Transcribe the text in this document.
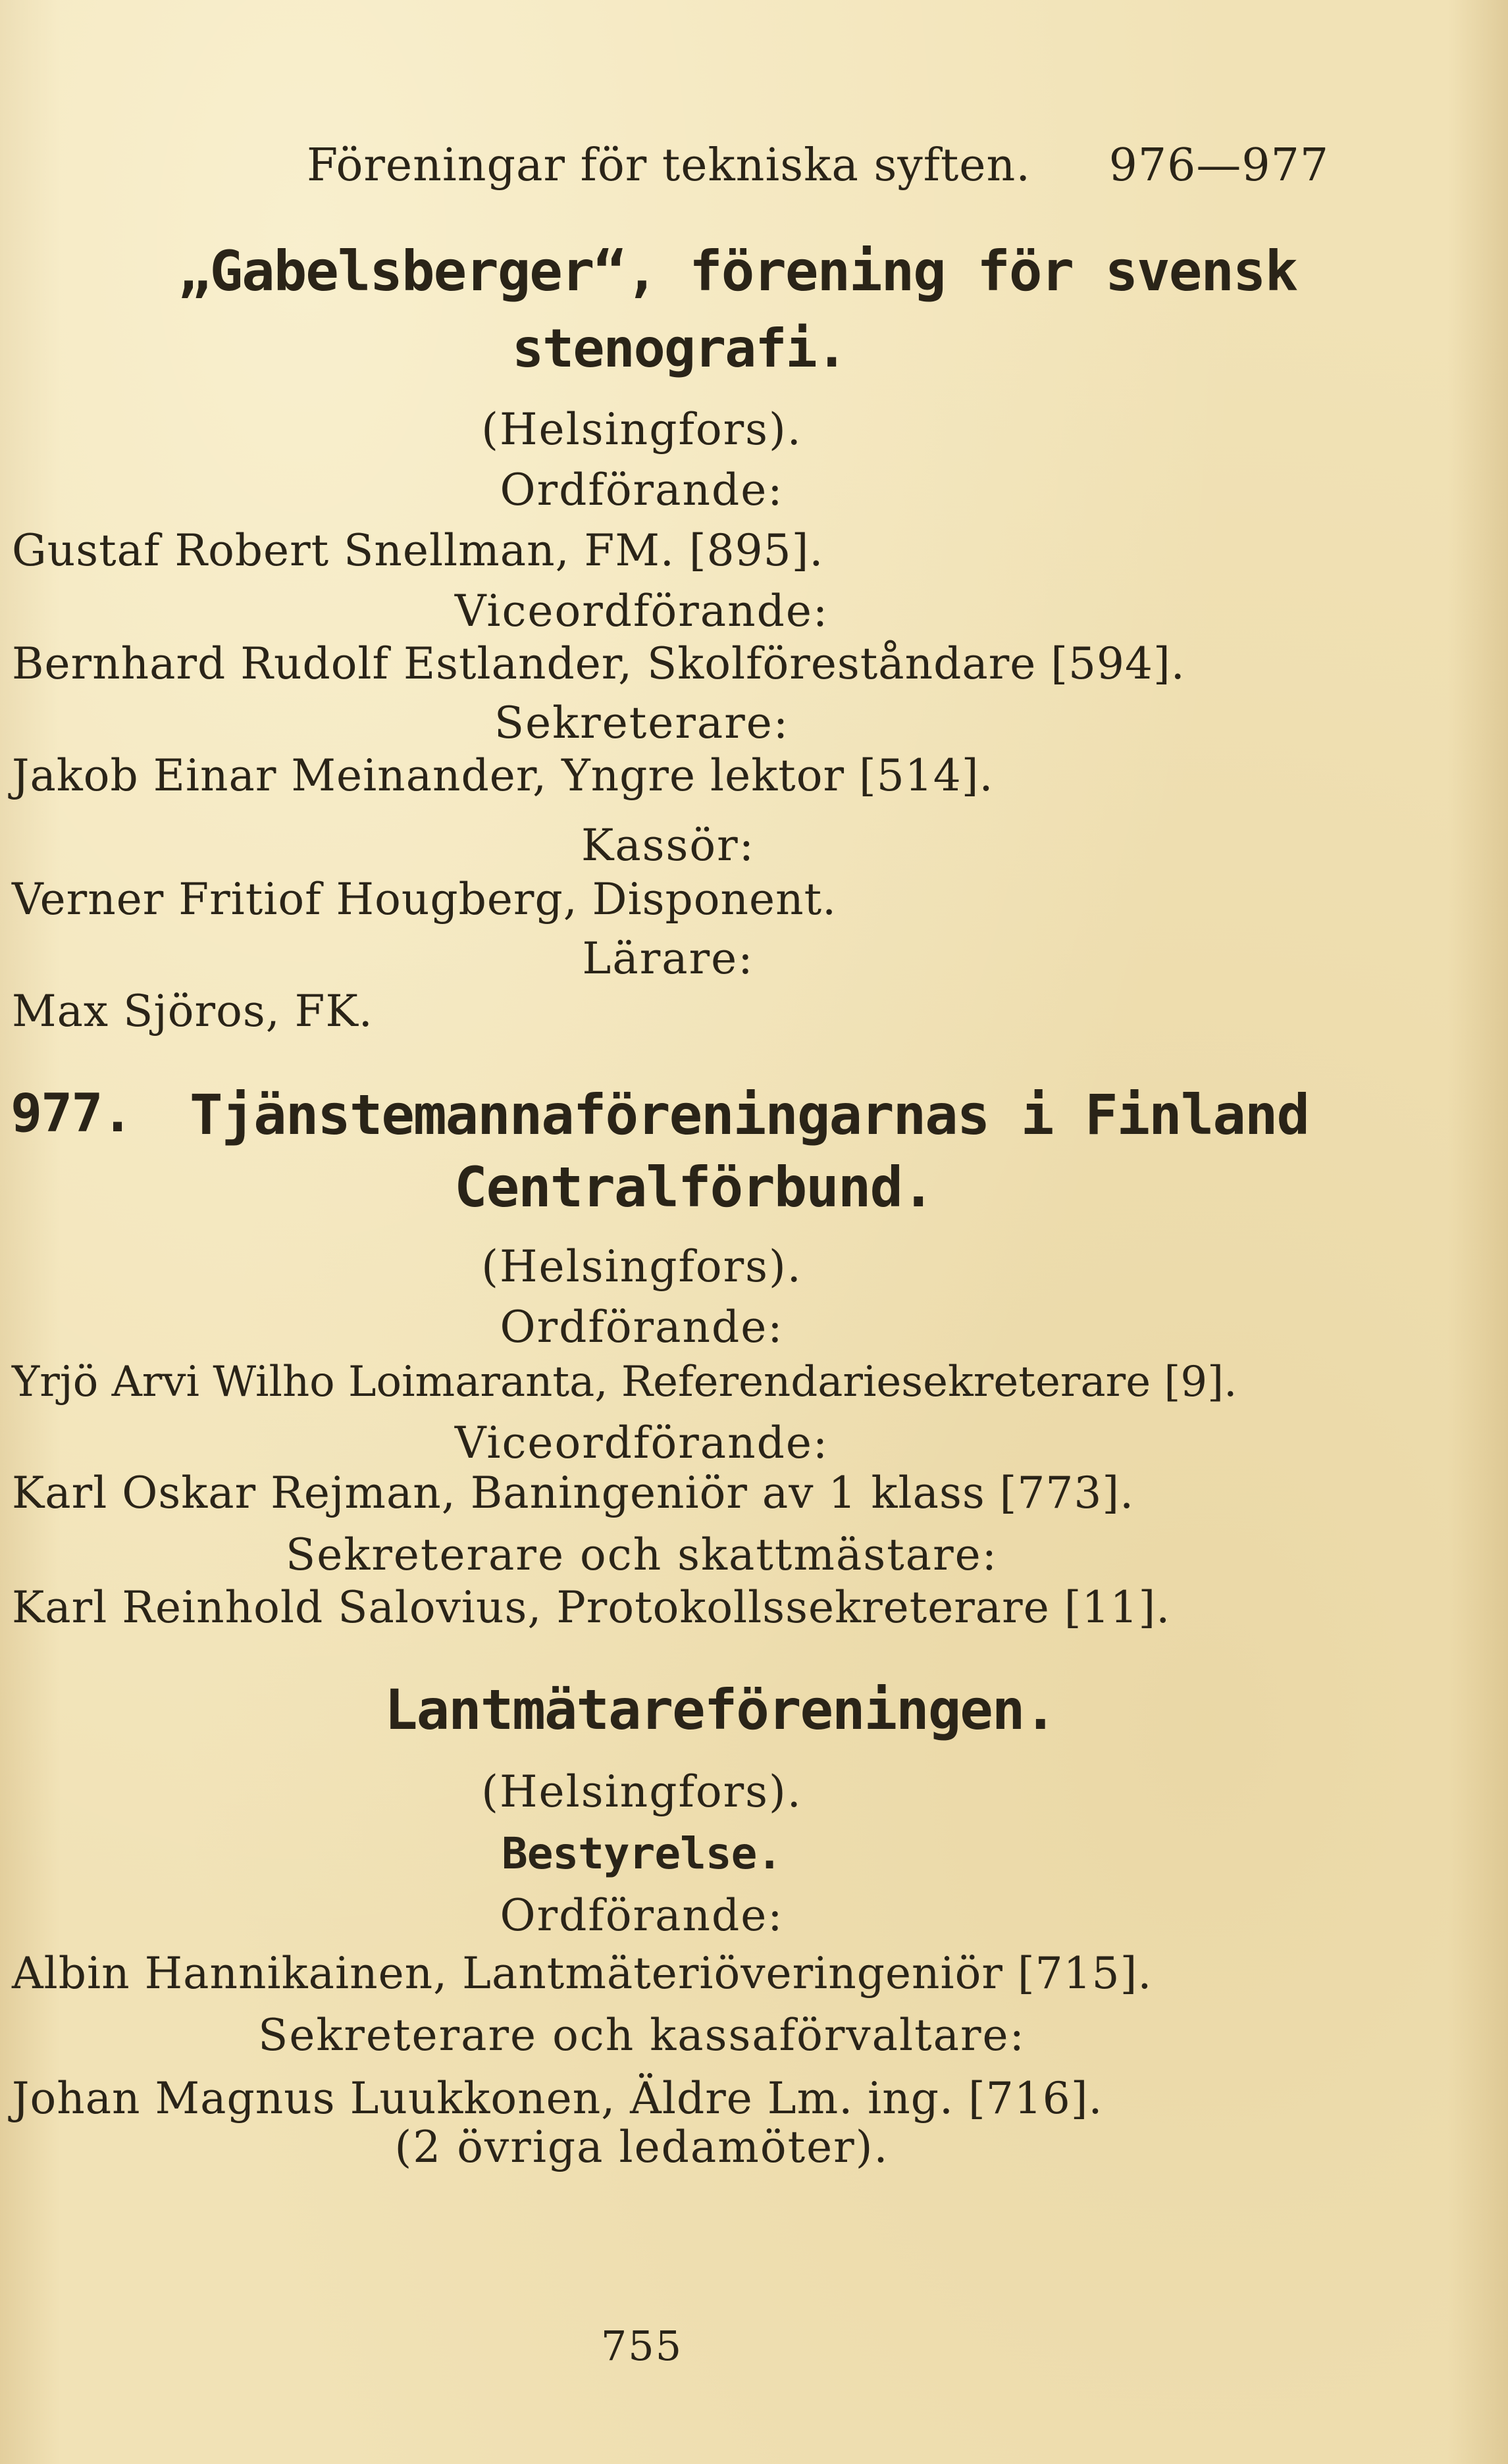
Föreningar för tekniska syften. 976—977
„Gabelsberger“, förening för svensk
stenografi.
(Helsingfors).
Ordförande:
Gustaf Robert Snellman, FM. [895].
Viceordförande:
Bernhard Rudolf Estlander, Skolföreståndare [594].
Sekreterare:
Jakob Einar Meinander, Yngre lektor [514].
Kassör:
Verner Fritiof Hougberg, Disponent.
Lärare:
Max Sjöros, FK.
977. Tjänstemannaföreningarnas i Finland
Centralförbund.
(Helsingfors).
Ordförande:
Yrjö Arvi Wilho Loimaranta, Referendariesekreterare [9].
Viceordförande:
Karl Oskar Rejman, Baningeniör av 1 klass [773].
Sekreterare och skattmästare:
Karl Reinhold Salovius, Protokollssekreterare [11].
Lantmätareföreningen.
(Helsingfors).
Bestyrelse.
Ordförande:
Albin Hannikainen, Lantmäteriöveringeniör [715].
Sekreterare och kassaförvaltare:
Johan Magnus Luukkonen, Äldre Lm. ing. [716].
(2 övriga ledamöter).
755
